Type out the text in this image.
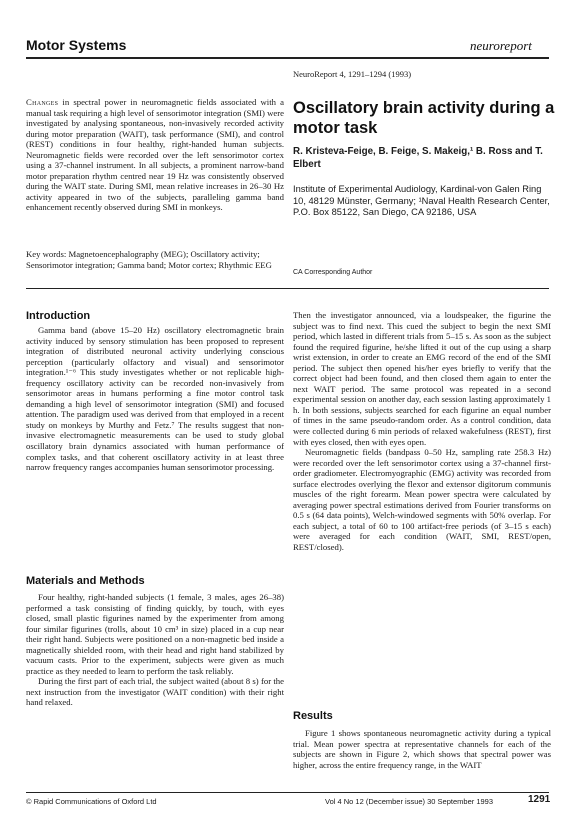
Motor Systems	neuroreport
NeuroReport 4, 1291–1294 (1993)

Changes in spectral power in neuromagnetic fields associated with a manual task requiring a high level of sensorimotor integration (SMI) were investigated by analysing spontaneous, non-invasively recorded activity during motor preparation (WAIT), task performance (SMI), and control (REST) conditions in four healthy, right-handed human subjects. Neuromagnetic fields were recorded over the left sensorimotor cortex using a 37-channel instrument. In all subjects, a prominent narrow-band motor preparation rhythm centred near 19 Hz was consistently observed during the WAIT state. During SMI, mean relative increases in 26–30 Hz activity appeared in two of the subjects, paralleling gamma band enhancement recently observed during SMI in monkeys.

Key words: Magnetoencephalography (MEG); Oscillatory activity; Sensorimotor integration; Gamma band; Motor cortex; Rhythmic EEG
Oscillatory brain activity during a motor task
R. Kristeva-Feige, B. Feige, S. Makeig,¹ B. Ross and T. Elbert
Institute of Experimental Audiology, Kardinal-von Galen Ring 10, 48129 Münster, Germany; ¹Naval Health Research Center, P.O. Box 85122, San Diego, CA 92186, USA
CA Corresponding Author
Introduction

Gamma band (above 15–20 Hz) oscillatory electromagnetic brain activity induced by sensory stimulation has been proposed to represent integration of distributed neuronal activity underlying conscious perception (particularly olfactory and visual) and sensorimotor integration.¹⁻⁶ This study investigates whether or not replicable high-frequency oscillatory activity can be recorded non-invasively from sensorimotor areas in humans performing a fine motor control task demanding a high level of sensorimotor integration (SMI) and focused attention. The paradigm used was derived from that employed in a recent study on monkeys by Murthy and Fetz.⁷ The results suggest that non-invasive electromagnetic measurements can be used to study global oscillatory brain dynamics associated with human performance of complex tasks, and that coherent oscillatory activity in at least three narrow frequency ranges accompanies human sensorimotor processing.

Materials and Methods

Four healthy, right-handed subjects (1 female, 3 males, ages 26–38) performed a task consisting of finding quickly, by touch, with eyes closed, small plastic figurines named by the experimenter from among four similar figurines (trolls, about 10 cm³ in size) placed in a cup near their right hand. Subjects were positioned on a non-magnetic bed inside a magnetically shielded room, with their head and right hand stabilized by vacuum casts. Prior to the experiment, subjects were given as much practice as they needed to learn to perform the task reliably.

During the first part of each trial, the subject waited (about 8 s) for the next instruction from the investigator (WAIT condition) with their right hand relaxed.

Then the investigator announced, via a loudspeaker, the figurine the subject was to find next. This cued the subject to begin the next SMI period, which lasted in different trials from 5–15 s. As soon as the subject found the required figurine, he/she lifted it out of the cup using a sharp wrist extension, in order to create an EMG record of the end of the SMI period. The subject then opened his/her eyes briefly to verify that the correct object had been found, and then closed them again to enter the next WAIT period. The same protocol was repeated in a second experimental session on another day, each session lasting approximately 1 h. In both sessions, subjects searched for each figurine an equal number of times in the same pseudo-random order. As a control condition, data were collected during 6 min periods of relaxed wakefulness (REST), first with eyes closed, then with eyes open.

Neuromagnetic fields (bandpass 0–50 Hz, sampling rate 258.3 Hz) were recorded over the left sensorimotor cortex using a 37-channel first-order gradiometer. Electromyographic (EMG) activity was recorded from surface electrodes overlying the flexor and extensor digitorum communis muscles of the right forearm. Mean power spectra were calculated by averaging power spectral estimations derived from Fourier transforms on 0.5 s (64 data points), Welch-windowed segments with 50% overlap. For each subject, a total of 60 to 100 artifact-free periods (of 3–15 s each) were averaged for each condition (WAIT, SMI, REST/open, REST/closed).

Results

Figure 1 shows spontaneous neuromagnetic activity during a typical trial. Mean power spectra at representative channels for each of the subjects are shown in Figure 2, which shows that spectral power was higher, across the entire frequency range, in the WAIT

© Rapid Communications of Oxford Ltd	Vol 4 No 12 (December issue) 30 September 1993	1291
